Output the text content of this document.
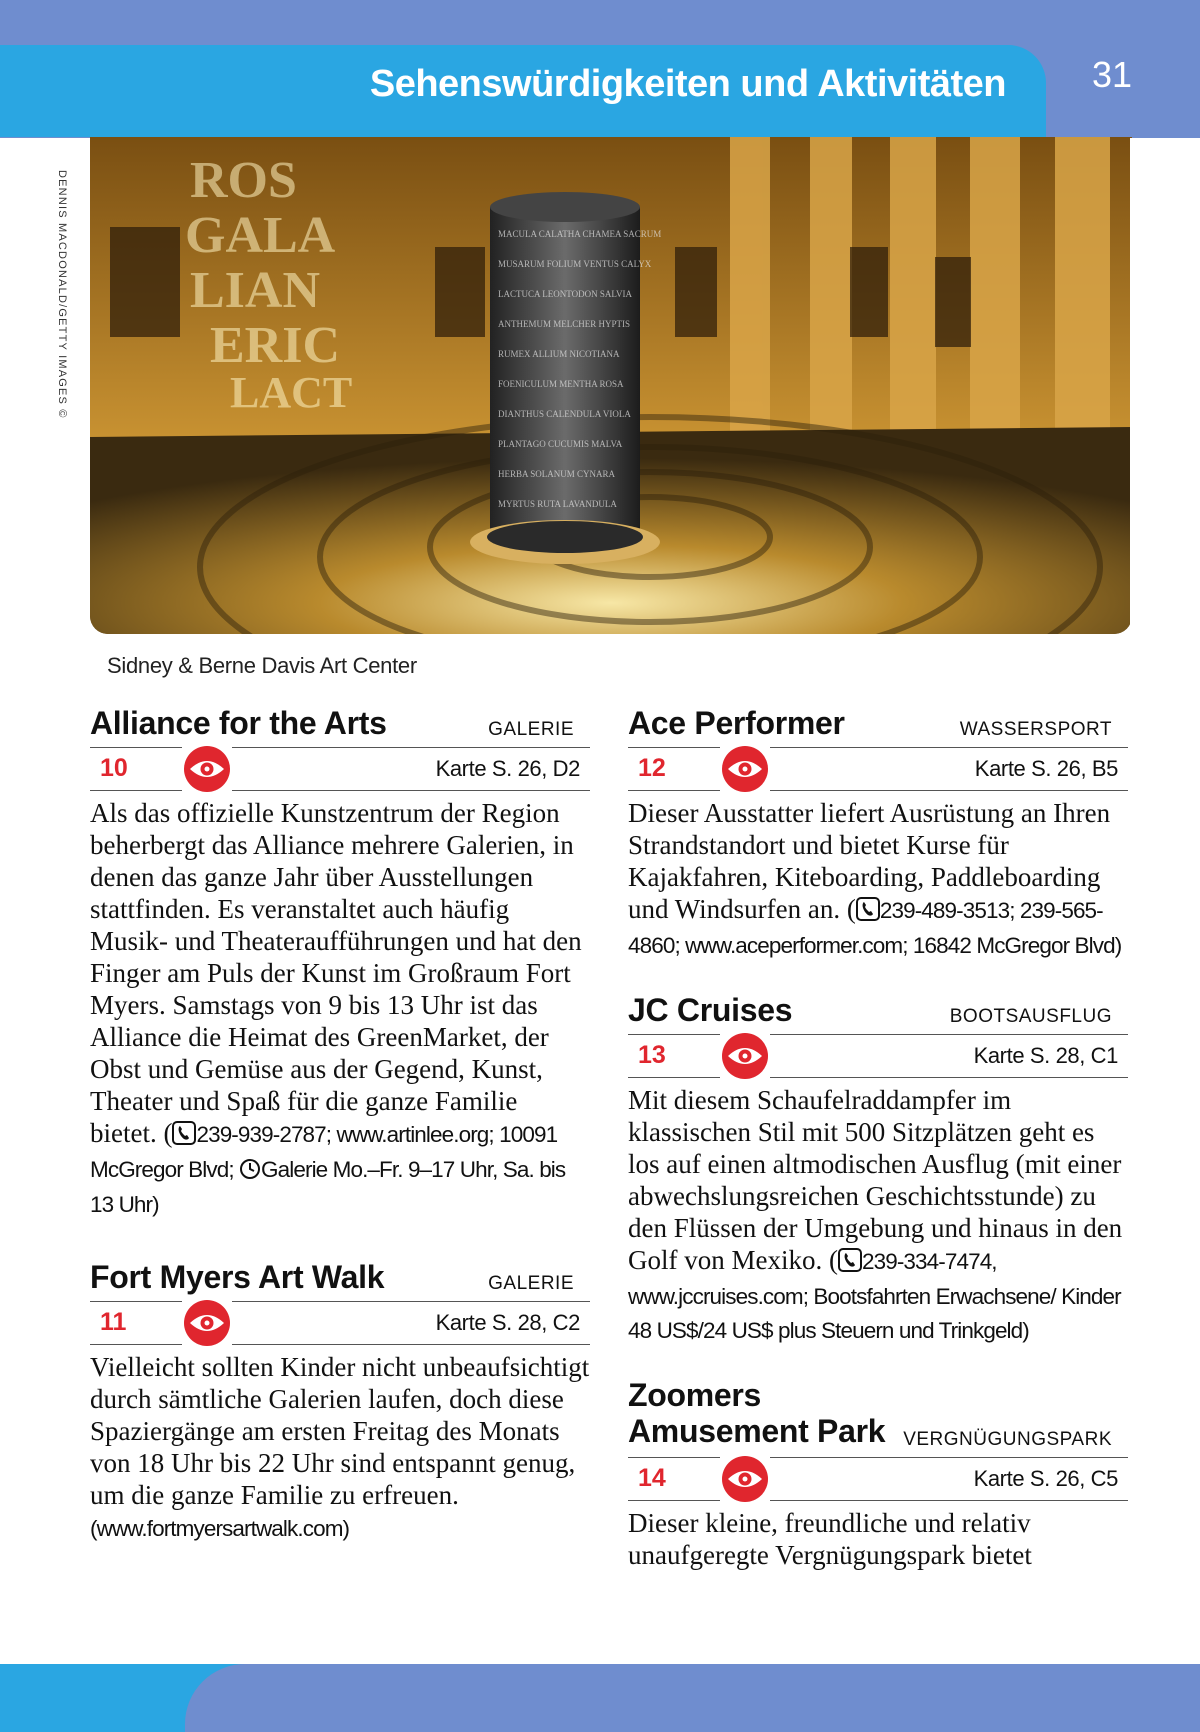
Sehenswürdigkeiten und Aktivitäten 31
ROS
GALA
LIAN
ERIC
LACT
MACULA CALATHA CHAMEA SACRUM
MUSARUM FOLIUM VENTUS CALYX
LACTUCA LEONTODON SALVIA
ANTHEMUM MELCHER HYPTIS
RUMEX ALLIUM NICOTIANA
FOENICULUM MENTHA ROSA
DIANTHUS CALENDULA VIOLA
PLANTAGO CUCUMIS MALVA
HERBA SOLANUM CYNARA
MYRTUS RUTA LAVANDULA
DENNIS MACDONALD/GETTY IMAGES ©
Sidney & Berne Davis Art Center
Alliance for the Arts	GALERIE
10	Karte S. 26, D2

Als das offizielle Kunstzentrum der Region beherbergt das Alliance mehrere Galerien, in denen das ganze Jahr über Ausstellungen stattfinden. Es veranstaltet auch häufig Musik- und Theateraufführungen und hat den Finger am Puls der Kunst im Großraum Fort Myers. Samstags von 9 bis 13 Uhr ist das Alliance die Heimat des GreenMarket, der Obst und Gemüse aus der Gegend, Kunst, Theater und Spaß für die ganze Familie bietet. ( 239-939-2787; www.artinlee.org; 10091 McGregor Blvd; Galerie Mo.–Fr. 9–17 Uhr, Sa. bis 13 Uhr)

Fort Myers Art Walk	GALERIE
11	Karte S. 28, C2

Vielleicht sollten Kinder nicht unbeaufsichtigt durch sämtliche Galerien laufen, doch diese Spaziergänge am ersten Freitag des Monats von 18 Uhr bis 22 Uhr sind entspannt genug, um die ganze Familie zu erfreuen. (www.fortmyersartwalk.com)

Ace Performer	WASSERSPORT
12	Karte S. 26, B5

Dieser Ausstatter liefert Ausrüstung an Ihren Strandstandort und bietet Kurse für Kajakfahren, Kiteboarding, Paddleboarding und Windsurfen an. ( 239-489-3513; 239-565-4860; www.aceperformer.com; 16842 McGregor Blvd)

JC Cruises	BOOTSAUSFLUG
13	Karte S. 28, C1

Mit diesem Schaufelraddampfer im klassischen Stil mit 500 Sitzplätzen geht es los auf einen altmodischen Ausflug (mit einer abwechslungsreichen Geschichtsstunde) zu den Flüssen der Umgebung und hinaus in den Golf von Mexiko. ( 239-334-7474, www.jccruises.com; Bootsfahrten Erwachsene/ Kinder 48 US$/24 US$ plus Steuern und Trinkgeld)

Zoomers
Amusement Park VERGNÜGUNGSPARK
14	Karte S. 26, C5

Dieser kleine, freundliche und relativ unaufgeregte Vergnügungspark bietet
